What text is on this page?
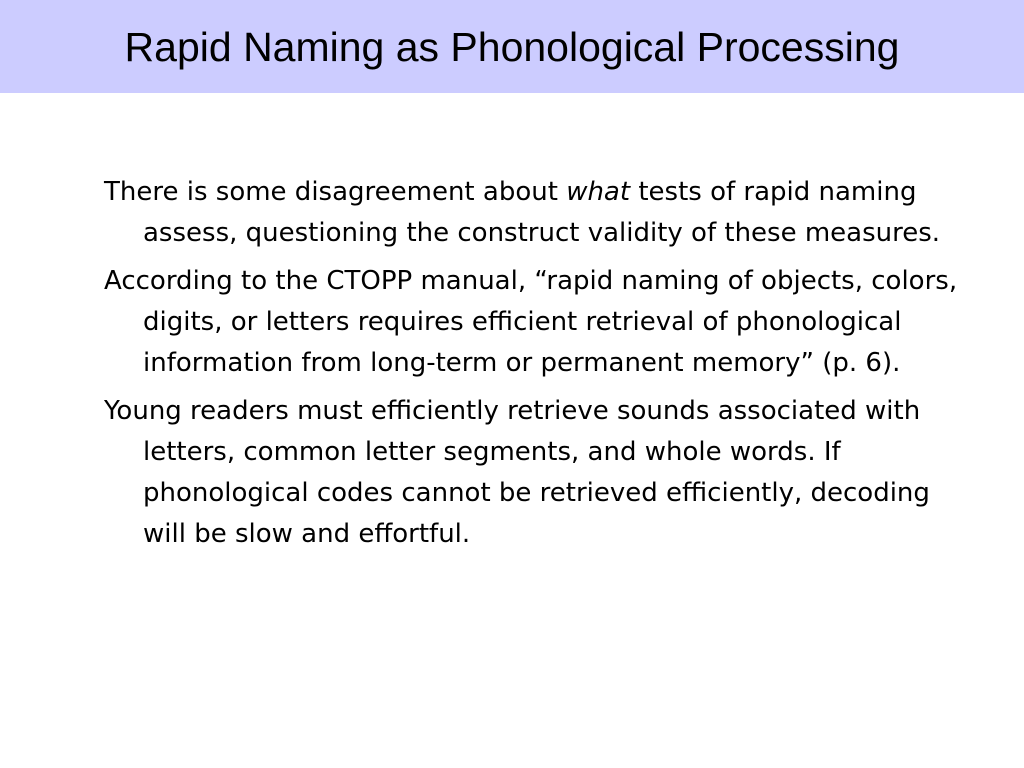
Rapid Naming as Phonological Processing

There is some disagreement about what tests of rapid naming assess, questioning the construct validity of these measures.

According to the CTOPP manual, “rapid naming of objects, colors, digits, or letters requires efficient retrieval of phonological information from long-term or permanent memory” (p. 6).

Young readers must efficiently retrieve sounds associated with letters, common letter segments, and whole words. If phonological codes cannot be retrieved efficiently, decoding will be slow and effortful.
